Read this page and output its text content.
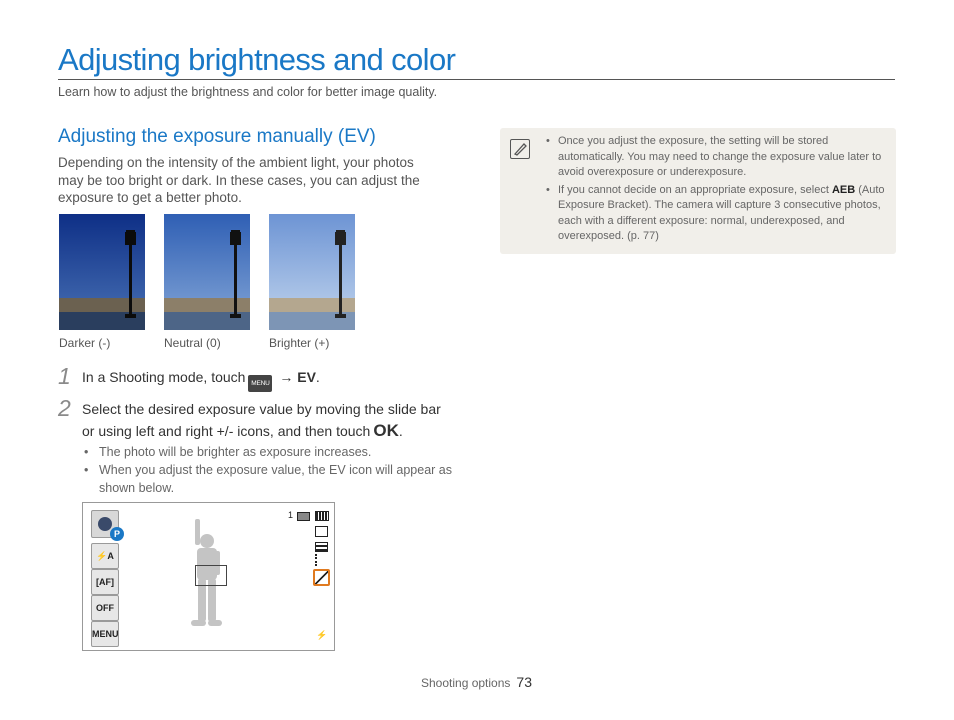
Adjusting brightness and color
Learn how to adjust the brightness and color for better image quality.
Adjusting the exposure manually (EV)
Depending on the intensity of the ambient light, your photos may be too bright or dark. In these cases, you can adjust the exposure to get a better photo.
Darker (-)	Neutral (0)	Brighter (+)
1 In a Shooting mode, touch MENU → EV.
2 Select the desired exposure value by moving the slide bar or using left and right +/- icons, and then touch OK.
• The photo will be brighter as exposure increases.
• When you adjust the exposure value, the EV icon will appear as shown below.
P
⚡A
[AF]
OFF
MENU
1
⚡
• Once you adjust the exposure, the setting will be stored automatically. You may need to change the exposure value later to avoid overexposure or underexposure.
• If you cannot decide on an appropriate exposure, select AEB (Auto Exposure Bracket). The camera will capture 3 consecutive photos, each with a different exposure: normal, underexposed, and overexposed. (p. 77)
Shooting options 73
